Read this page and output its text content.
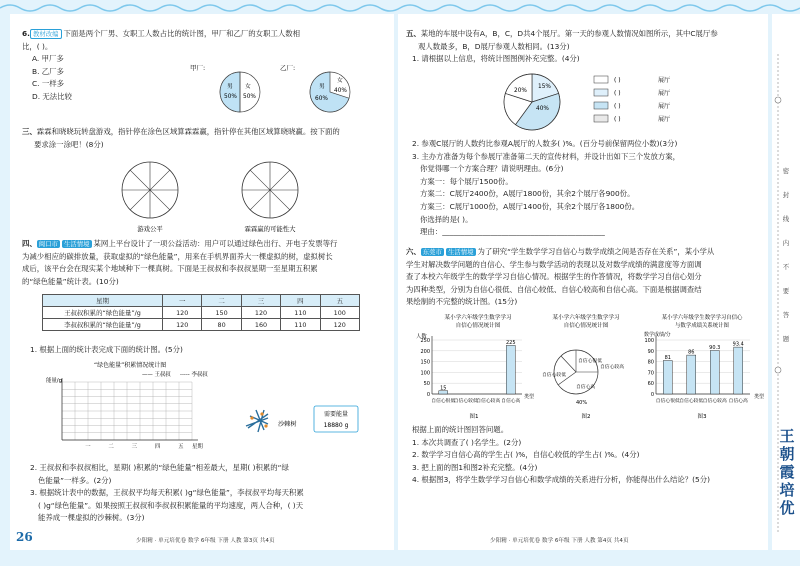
6. 教材改编 下面是两个厂男、女职工人数占比的统计图，甲厂和乙厂的女职工人数相
比，( )。
A. 甲厂多
B. 乙厂多
C. 一样多
D. 无法比较
甲厂:
男
50%
女
50%
乙厂:
男
60%
女
40%
三、霖霖和晓晓玩转盘游戏，指针停在涂色区域算霖霖赢，指针停在其他区域算晓晓赢。按下面的
要求涂一涂吧！(8分)
游戏公平	霖霖赢的可能性大
四、 闽口市 生活情境 某网上平台设计了一项公益活动：用户可以通过绿色出行、开电子发票等行
为减少相应的碳排放量，获取虚拟的“绿色能量”，用来在手机界面养大一棵虚拟的树，虚拟树长
成后，该平台会在现实某个地域种下一棵真树。下面是王叔叔和李叔叔星期一至星期五积累
的“绿色能量”统计表。(10分)
星期	一	二	三	四	五
王叔叔积累的“绿色能量”/g	120	150	120	110	100
李叔叔积累的“绿色能量”/g	120	80	160	110	120
1. 根据上面的统计表完成下面的统计图。(5分)
“绿色能量”积累情况统计图
—— 王叔叔 ----- 李叔叔
能量/g
星期
一	二	三	四	五
沙棘树
需要能量
18880 g
2. 王叔叔和李叔叔相比，星期( )积累的“绿色能量”相差最大，星期( )积累的“绿
色能量”一样多。(2分)
3. 根据统计表中的数据，王叔叔平均每天积累( )g“绿色能量”，李叔叔平均每天积累
( )g“绿色能量”。如果按照王叔叔和李叔叔积累能量的平均速度，两人合种，( )天
能养成一棵虚拟的沙棘树。(3分)
26	少阳精 · 单元培优卷 数学 6年级 下册 人教 第3页 共4页
五、某地的车展中设有A，B，C，D共4个展厅。第一天的参观人数情况如图所示，其中C展厅参
观人数最多，B，D展厅参观人数相同。(13分)
1. 请根据以上信息，将统计图图例补充完整。(4分)
15%
40%
20%
( )	展厅
( )	展厅
( )	展厅
( )	展厅
2. 参观C展厅的人数约比参观A展厅的人数多( )%。(百分号前保留两位小数)(3分)
3. 主办方准备为每个参展厅准备第二天的宣传材料，并设计出如下三个发放方案，
你觉得哪一个方案合理？请说明理由。(6分)
方案一：每个展厅1500份。
方案二：C展厅2400份，A展厅1800份，其余2个展厅各900份。
方案三：C展厅1000份，A展厅1400份，其余2个展厅各1800份。
你选择的是( )。
理由：____________________________________________
六、 东莞市 生活情境 为了研究“学生数学学习自信心与数学成绩之间是否存在关系”，某小学从
学生对解决数学问题的自信心、学生参与数学活动的表现以及对数学成绩的满意度等方面调
查了本校六年级学生的数学学习自信心情况。根据学生的作答情况，将数学学习自信心划分
为四种类型，分别为自信心很低、自信心较低、自信心较高和自信心高。下面是根据调查结
果绘制的不完整的统计图。(15分)
某小学六年级学生数学学习
自信心情况统计图
人数
250
200
150
100
50
0
15
225
自信心很低
自信心较低
自信心较高 自信心高
类型
图1
某小学六年级学生数学学习
自信心情况统计图
自信心很低
自信心较高
自信心较低
自信心高
40%
图2
某小学六年级学生数学学习自信心
与数学成绩关系统计图
数学成绩/分
100
90
80
70
60
0
81
86
90.3
93.4
自信心很低 自信心较低 自信心较高 自信心高
类型
图3
根据上面的统计图回答问题。
1. 本次共调查了( )名学生。(2分)
2. 数学学习自信心高的学生占( )%，自信心较低的学生占( )%。(4分)
3. 把上面的图1和图2补充完整。(4分)
4. 根据图3，将学生数学学习自信心和数学成绩的关系进行分析，你能得出什么结论？(5分)
少阳精 · 单元培优卷 数学 6年级 下册 人教 第4页 共4页
密
封
线
内
不
要
答
题
王
朝
霞
培
优
